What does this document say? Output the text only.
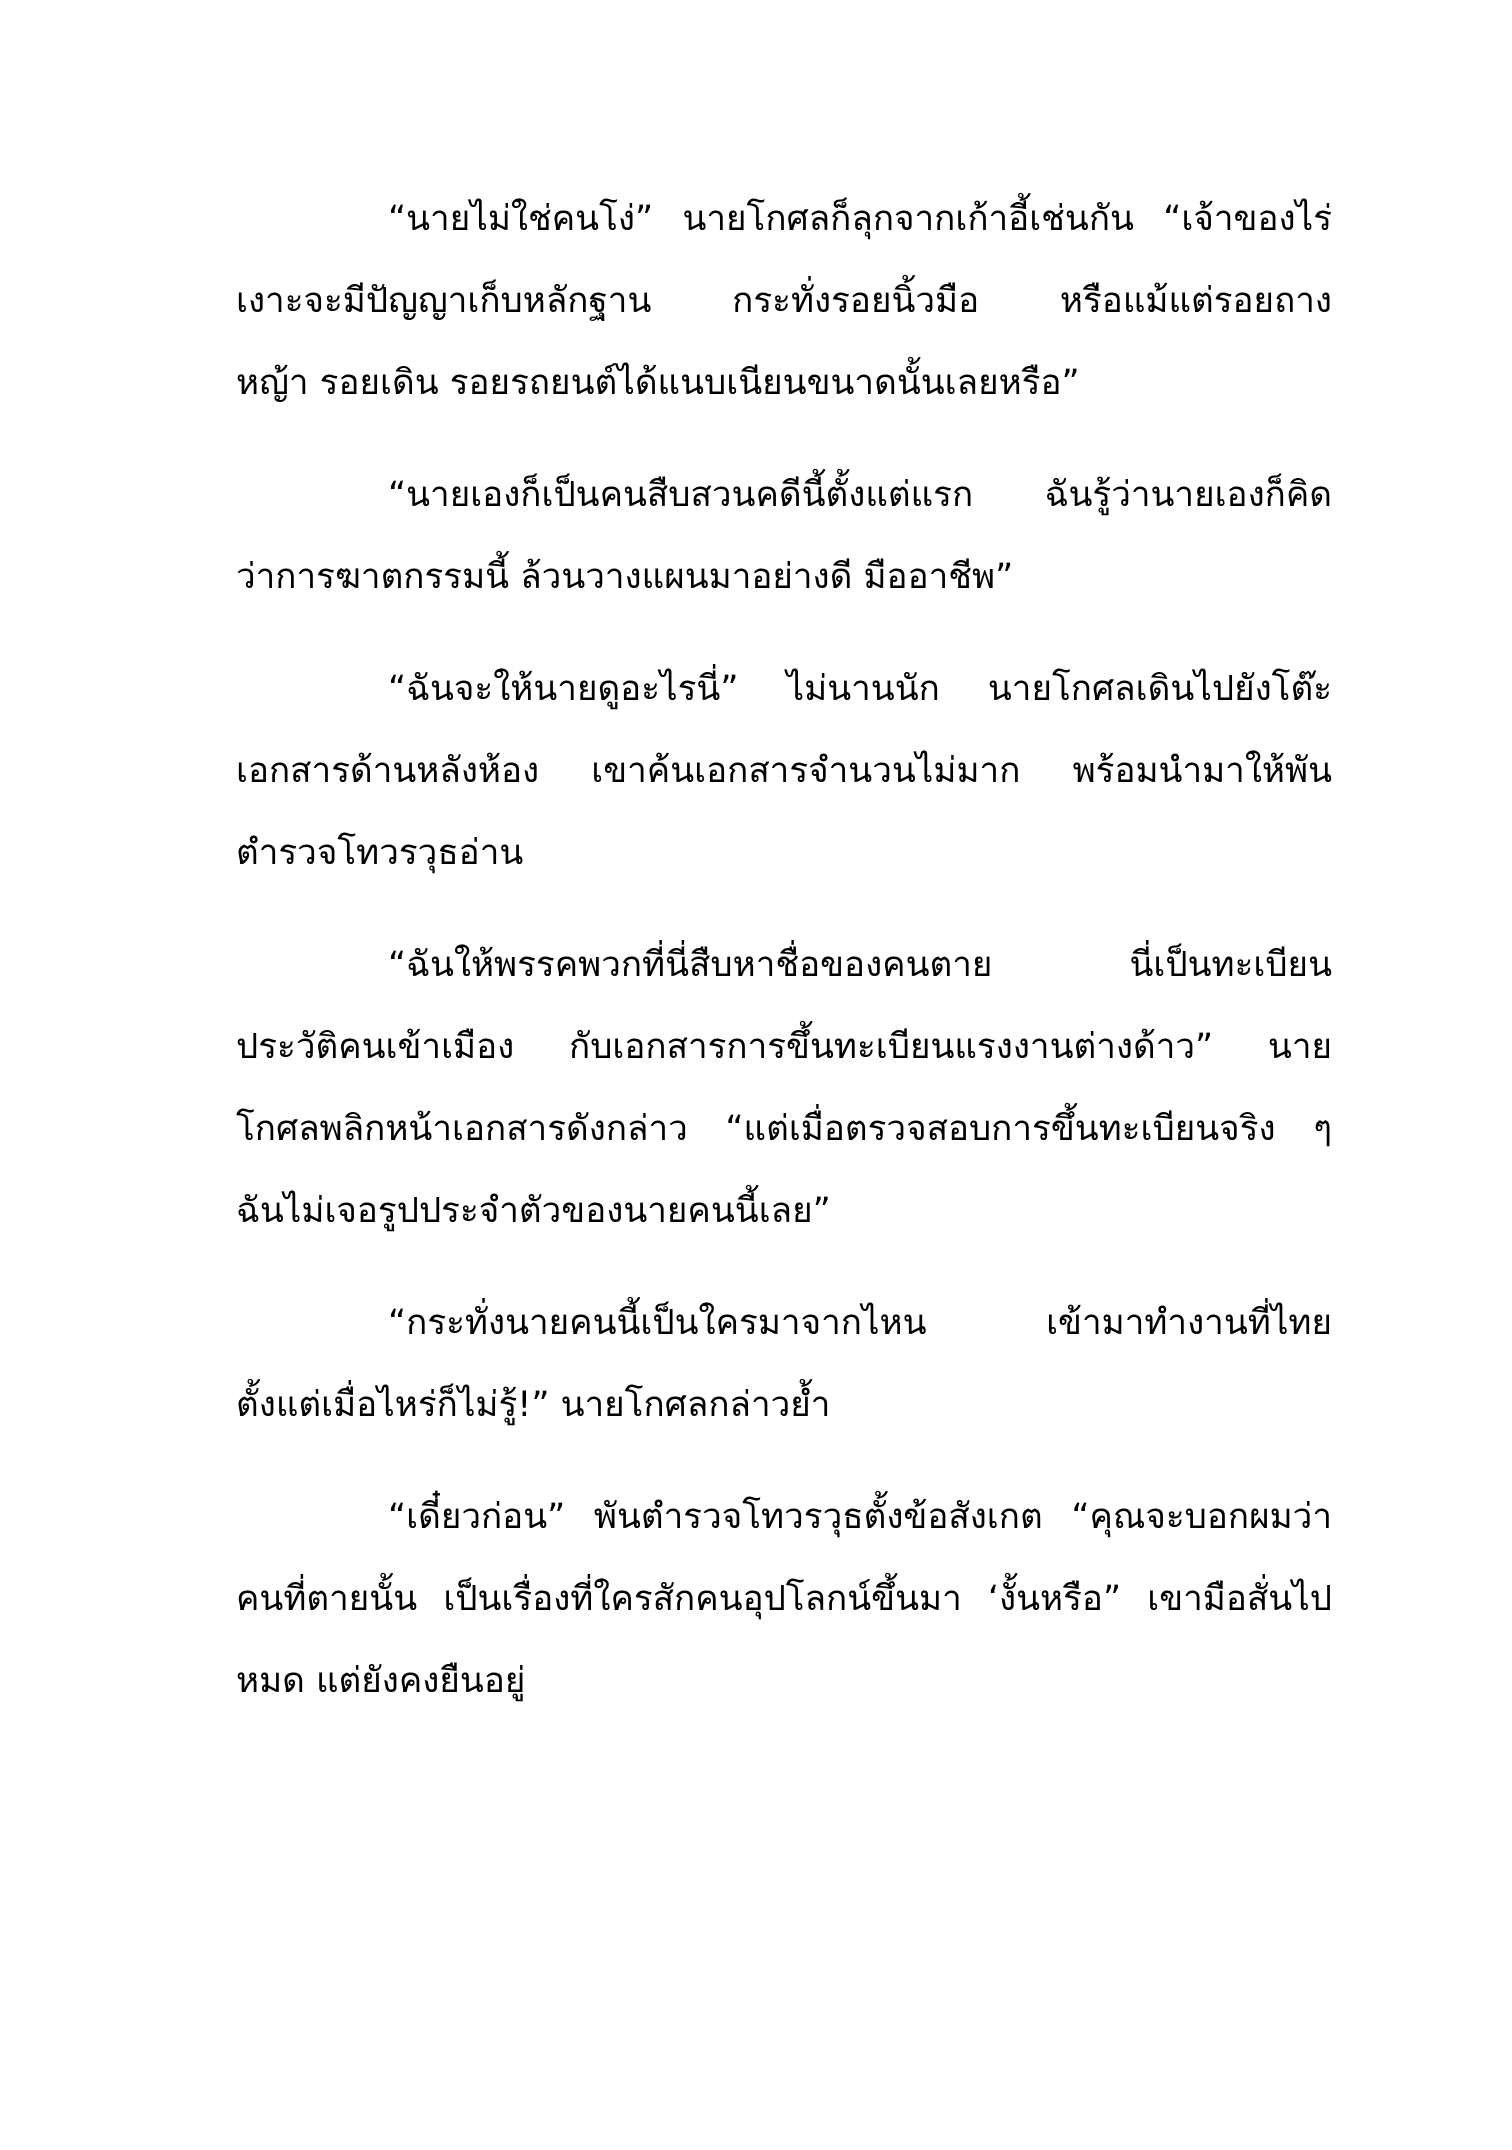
“นายไม่ใช่คนโง่” นายโกศลก็ลุกจากเก้าอี้เช่นกัน “เจ้าของไร่
เงาะจะมีปัญญาเก็บหลักฐาน กระทั่งรอยนิ้วมือ หรือแม้แต่รอยถาง
หญ้า รอยเดิน รอยรถยนต์ได้แนบเนียนขนาดนั้นเลยหรือ”
“นายเองก็เป็นคนสืบสวนคดีนี้ตั้งแต่แรก ฉันรู้ว่านายเองก็คิด
ว่าการฆาตกรรมนี้ ล้วนวางแผนมาอย่างดี มืออาชีพ”
“ฉันจะให้นายดูอะไรนี่” ไม่นานนัก นายโกศลเดินไปยังโต๊ะ
เอกสารด้านหลังห้อง เขาค้นเอกสารจำนวนไม่มาก พร้อมนำมาให้พัน
ตำรวจโทวรวุธอ่าน
“ฉันให้พรรคพวกที่นี่สืบหาชื่อของคนตาย นี่เป็นทะเบียน
ประวัติคนเข้าเมือง กับเอกสารการขึ้นทะเบียนแรงงานต่างด้าว” นาย
โกศลพลิกหน้าเอกสารดังกล่าว “แต่เมื่อตรวจสอบการขึ้นทะเบียนจริง ๆ
ฉันไม่เจอรูปประจำตัวของนายคนนี้เลย”
“กระทั่งนายคนนี้เป็นใครมาจากไหน เข้ามาทำงานที่ไทย
ตั้งแต่เมื่อไหร่ก็ไม่รู้!” นายโกศลกล่าวย้ำ
“เดี๋ยวก่อน” พันตำรวจโทวรวุธตั้งข้อสังเกต “คุณจะบอกผมว่า
คนที่ตายนั้น เป็นเรื่องที่ใครสักคนอุปโลกน์ขึ้นมา ‘งั้นหรือ” เขามือสั่นไป
หมด แต่ยังคงยืนอยู่
